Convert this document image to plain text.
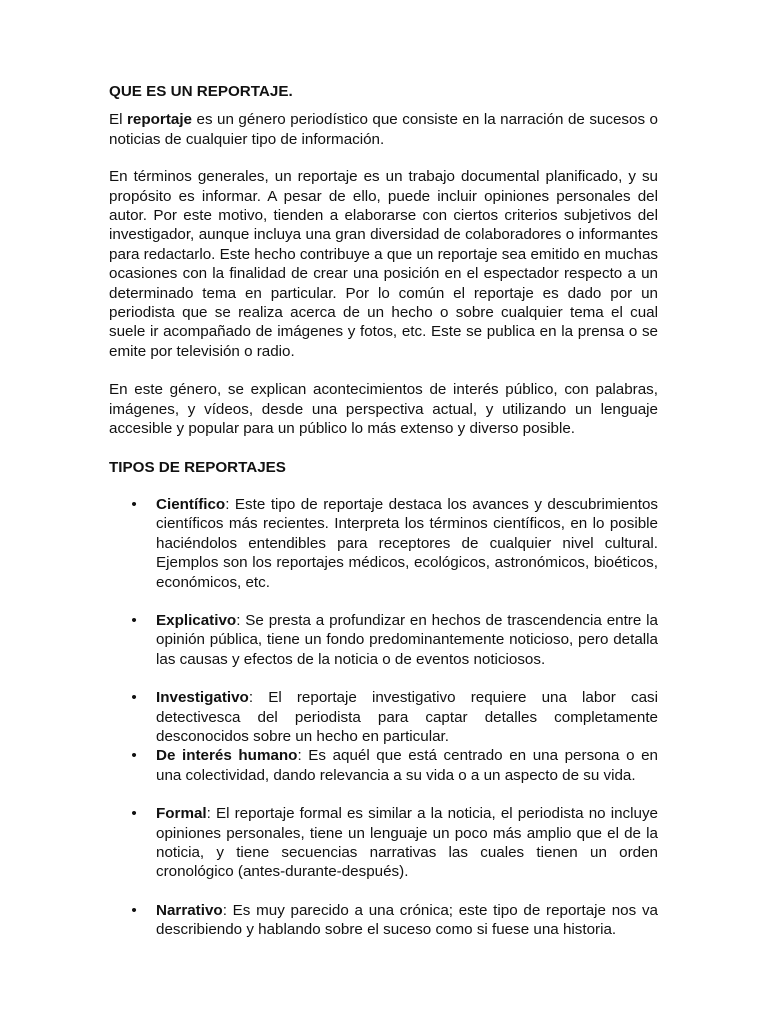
QUE ES UN REPORTAJE.

El reportaje es un género periodístico que consiste en la narración de sucesos o noticias de cualquier tipo de información.

En términos generales, un reportaje es un trabajo documental planificado, y su propósito es informar. A pesar de ello, puede incluir opiniones personales del autor. Por este motivo, tienden a elaborarse con ciertos criterios subjetivos del investigador, aunque incluya una gran diversidad de colaboradores o informantes para redactarlo. Este hecho contribuye a que un reportaje sea emitido en muchas ocasiones con la finalidad de crear una posición en el espectador respecto a un determinado tema en particular. Por lo común el reportaje es dado por un periodista que se realiza acerca de un hecho o sobre cualquier tema el cual suele ir acompañado de imágenes y fotos, etc. Este se publica en la prensa o se emite por televisión o radio.

En este género, se explican acontecimientos de interés público, con palabras, imágenes, y vídeos, desde una perspectiva actual, y utilizando un lenguaje accesible y popular para un público lo más extenso y diverso posible.

TIPOS DE REPORTAJES
• Científico: Este tipo de reportaje destaca los avances y descubrimientos científicos más recientes. Interpreta los términos científicos, en lo posible haciéndolos entendibles para receptores de cualquier nivel cultural. Ejemplos son los reportajes médicos, ecológicos, astronómicos, bioéticos, económicos, etc.
• Explicativo: Se presta a profundizar en hechos de trascendencia entre la opinión pública, tiene un fondo predominantemente noticioso, pero detalla las causas y efectos de la noticia o de eventos noticiosos.
• Investigativo: El reportaje investigativo requiere una labor casi detectivesca del periodista para captar detalles completamente desconocidos sobre un hecho en particular.
• De interés humano: Es aquél que está centrado en una persona o en una colectividad, dando relevancia a su vida o a un aspecto de su vida.
• Formal: El reportaje formal es similar a la noticia, el periodista no incluye opiniones personales, tiene un lenguaje un poco más amplio que el de la noticia, y tiene secuencias narrativas las cuales tienen un orden cronológico (antes-durante-después).
• Narrativo: Es muy parecido a una crónica; este tipo de reportaje nos va describiendo y hablando sobre el suceso como si fuese una historia.
